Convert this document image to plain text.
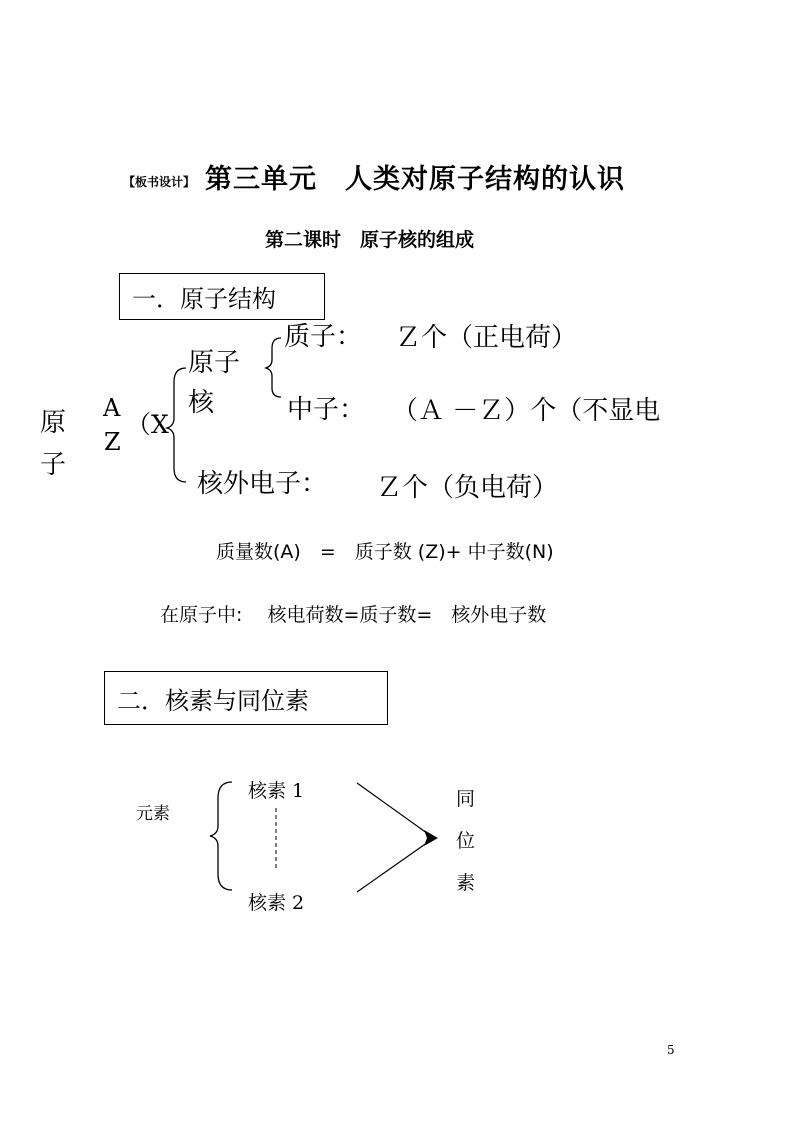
【板书设计】 第三单元　人类对原子结构的认识
第二课时　原子核的组成
一．原子结构
原
子
A
Z
（X
原子
核
质子： Ｚ个（正电荷）
中子： （Ａ －Ｚ）个（不显电
核外电子： Ｚ个（负电荷）
质量数(A)　=　质子数 (Z)+ 中子数(N)
在原子中:　 核电荷数=质子数=　核外电子数
二．核素与同位素
元素
核素 1
核素 2
同
位
素
5
